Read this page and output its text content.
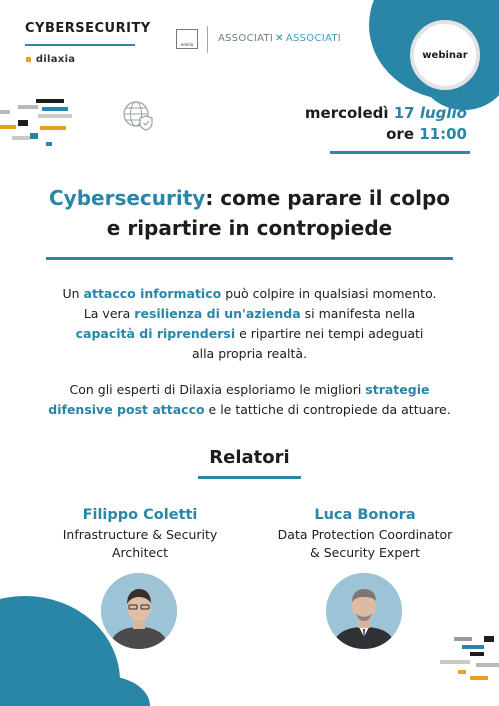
CYBERSECURITY
▪ dilaxia
emilia
ASSOCIATI ✕ ASSOCIATI
webinar
mercoledì 17 luglio
ore 11:00
Cybersecurity: come parare il colpo
e ripartire in contropiede
Un attacco informatico può colpire in qualsiasi momento.
La vera resilienza di un'azienda si manifesta nella
capacità di riprendersi e ripartire nei tempi adeguati
alla propria realtà.
Con gli esperti di Dilaxia esploriamo le migliori strategie
difensive post attacco e le tattiche di contropiede da attuare.
Relatori
Filippo Coletti
Infrastructure & Security
Architect
Luca Bonora
Data Protection Coordinator
& Security Expert
